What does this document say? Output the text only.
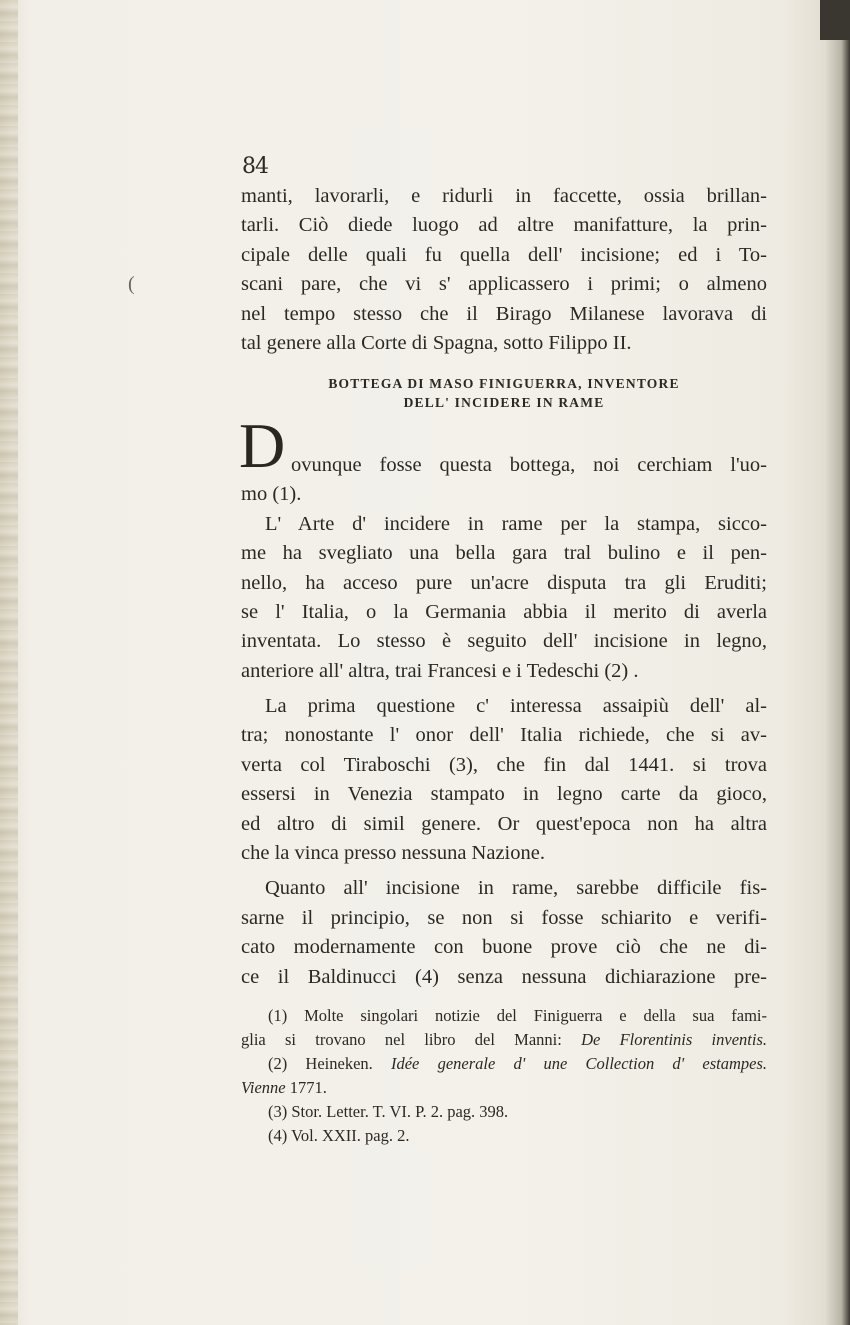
(
84
manti, lavorarli, e ridurli in faccette, ossia brillan-
tarli. Ciò diede luogo ad altre manifatture, la prin-
cipale delle quali fu quella dell' incisione; ed i To-
scani pare, che vi s' applicassero i primi; o almeno
nel tempo stesso che il Birago Milanese lavorava di
tal genere alla Corte di Spagna, sotto Filippo II.
BOTTEGA DI MASO FINIGUERRA, INVENTORE
DELL' INCIDERE IN RAME
D ovunque fosse questa bottega, noi cerchiam l'uo-
mo (1).
L' Arte d' incidere in rame per la stampa, sicco-
me ha svegliato una bella gara tral bulino e il pen-
nello, ha acceso pure un'acre disputa tra gli Eruditi;
se l' Italia, o la Germania abbia il merito di averla
inventata. Lo stesso è seguito dell' incisione in legno,
anteriore all' altra, trai Francesi e i Tedeschi (2) .
La prima questione c' interessa assaipiù dell' al-
tra; nonostante l' onor dell' Italia richiede, che si av-
verta col Tiraboschi (3), che fin dal 1441. si trova
essersi in Venezia stampato in legno carte da gioco,
ed altro di simil genere. Or quest'epoca non ha altra
che la vinca presso nessuna Nazione.
Quanto all' incisione in rame, sarebbe difficile fis-
sarne il principio, se non si fosse schiarito e verifi-
cato modernamente con buone prove ciò che ne di-
ce il Baldinucci (4) senza nessuna dichiarazione pre-
(1) Molte singolari notizie del Finiguerra e della sua fami-
glia si trovano nel libro del Manni: De Florentinis inventis.
(2) Heineken. Idée generale d' une Collection d' estampes.
Vienne 1771.
(3) Stor. Letter. T. VI. P. 2. pag. 398.
(4) Vol. XXII. pag. 2.
